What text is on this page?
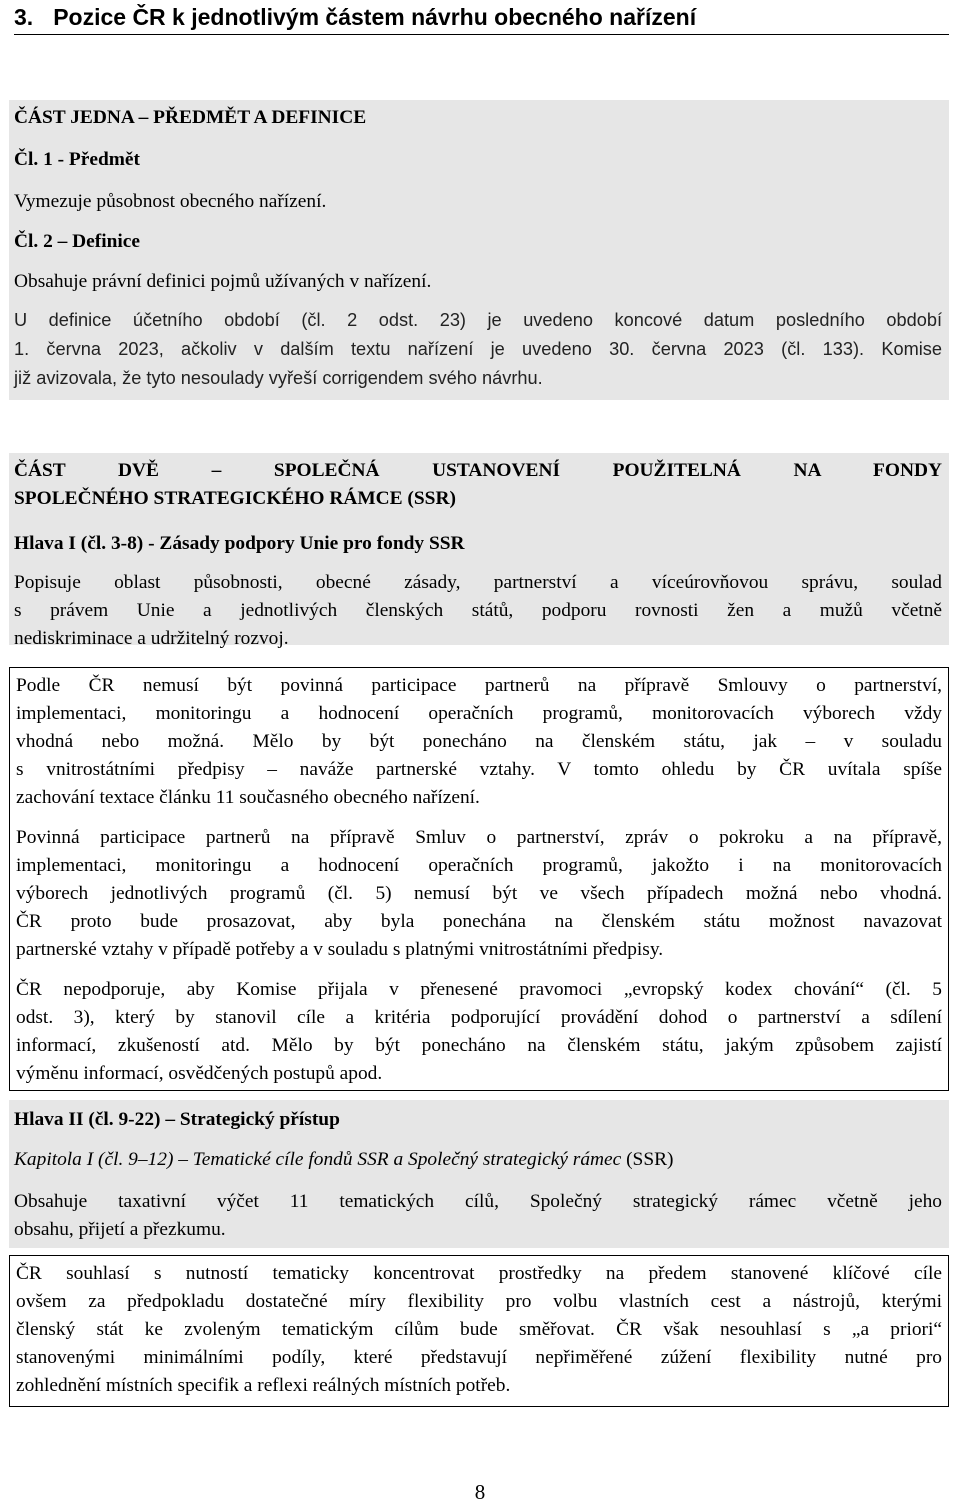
3. Pozice ČR k jednotlivým částem návrhu obecného nařízení
ČÁST JEDNA – PŘEDMĚT A DEFINICE
Čl. 1 - Předmět
Vymezuje působnost obecného nařízení.
Čl. 2 – Definice
Obsahuje právní definici pojmů užívaných v nařízení.
U definice účetního období (čl. 2 odst. 23) je uvedeno koncové datum posledního období
1. června 2023, ačkoliv v dalším textu nařízení je uvedeno 30. června 2023 (čl. 133). Komise
již avizovala, že tyto nesoulady vyřeší corrigendem svého návrhu.
ČÁST DVĚ – SPOLEČNÁ USTANOVENÍ POUŽITELNÁ NA FONDY
SPOLEČNÉHO STRATEGICKÉHO RÁMCE (SSR)
Hlava I (čl. 3-8) - Zásady podpory Unie pro fondy SSR
Popisuje oblast působnosti, obecné zásady, partnerství a víceúrovňovou správu, soulad
s právem Unie a jednotlivých členských států, podporu rovnosti žen a mužů včetně
nediskriminace a udržitelný rozvoj.
Podle ČR nemusí být povinná participace partnerů na přípravě Smlouvy o partnerství,
implementaci, monitoringu a hodnocení operačních programů, monitorovacích výborech vždy
vhodná nebo možná. Mělo by být ponecháno na členském státu, jak – v souladu
s vnitrostátními předpisy – naváže partnerské vztahy. V tomto ohledu by ČR uvítala spíše
zachování textace článku 11 současného obecného nařízení.
Povinná participace partnerů na přípravě Smluv o partnerství, zpráv o pokroku a na přípravě,
implementaci, monitoringu a hodnocení operačních programů, jakožto i na monitorovacích
výborech jednotlivých programů (čl. 5) nemusí být ve všech případech možná nebo vhodná.
ČR proto bude prosazovat, aby byla ponechána na členském státu možnost navazovat
partnerské vztahy v případě potřeby a v souladu s platnými vnitrostátními předpisy.
ČR nepodporuje, aby Komise přijala v přenesené pravomoci „evropský kodex chování“ (čl. 5
odst. 3), který by stanovil cíle a kritéria podporující provádění dohod o partnerství a sdílení
informací, zkušeností atd. Mělo by být ponecháno na členském státu, jakým způsobem zajistí
výměnu informací, osvědčených postupů apod.
Hlava II (čl. 9-22) – Strategický přístup
Kapitola I (čl. 9–12) – Tematické cíle fondů SSR a Společný strategický rámec (SSR)
Obsahuje taxativní výčet 11 tematických cílů, Společný strategický rámec včetně jeho
obsahu, přijetí a přezkumu.
ČR souhlasí s nutností tematicky koncentrovat prostředky na předem stanovené klíčové cíle
ovšem za předpokladu dostatečné míry flexibility pro volbu vlastních cest a nástrojů, kterými
členský stát ke zvoleným tematickým cílům bude směřovat. ČR však nesouhlasí s „a priori“
stanovenými minimálními podíly, které představují nepřiměřené zúžení flexibility nutné pro
zohlednění místních specifik a reflexi reálných místních potřeb.
8
